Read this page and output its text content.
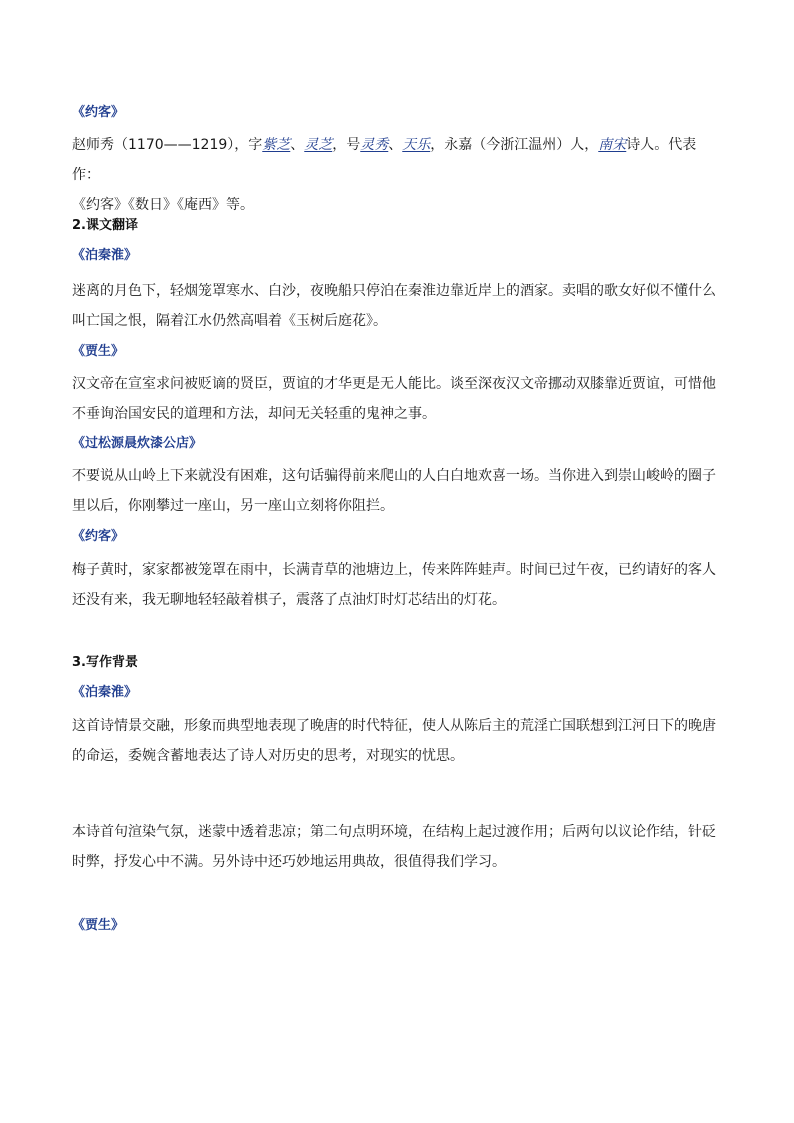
《约客》
赵师秀（1170——1219），字紫芝、灵芝，号灵秀、天乐，永嘉（今浙江温州）人，南宋诗人。代表作：
《约客》《数日》《庵西》等。
2.课文翻译
《泊秦淮》
迷离的月色下，轻烟笼罩寒水、白沙，夜晚船只停泊在秦淮边靠近岸上的酒家。卖唱的歌女好似不懂什么
叫亡国之恨，隔着江水仍然高唱着《玉树后庭花》。
《贾生》
汉文帝在宣室求问被贬谪的贤臣，贾谊的才华更是无人能比。谈至深夜汉文帝挪动双膝靠近贾谊，可惜他
不垂询治国安民的道理和方法，却问无关轻重的鬼神之事。
《过松源晨炊漆公店》
不要说从山岭上下来就没有困难，这句话骗得前来爬山的人白白地欢喜一场。当你进入到崇山峻岭的圈子
里以后，你刚攀过一座山，另一座山立刻将你阻拦。
《约客》
梅子黄时，家家都被笼罩在雨中，长满青草的池塘边上，传来阵阵蛙声。时间已过午夜，已约请好的客人
还没有来，我无聊地轻轻敲着棋子，震落了点油灯时灯芯结出的灯花。
3.写作背景
《泊秦淮》
这首诗情景交融，形象而典型地表现了晚唐的时代特征，使人从陈后主的荒淫亡国联想到江河日下的晚唐
的命运，委婉含蓄地表达了诗人对历史的思考，对现实的忧思。
本诗首句渲染气氛，迷蒙中透着悲凉；第二句点明环境，在结构上起过渡作用；后两句以议论作结，针砭
时弊，抒发心中不满。另外诗中还巧妙地运用典故，很值得我们学习。
《贾生》
